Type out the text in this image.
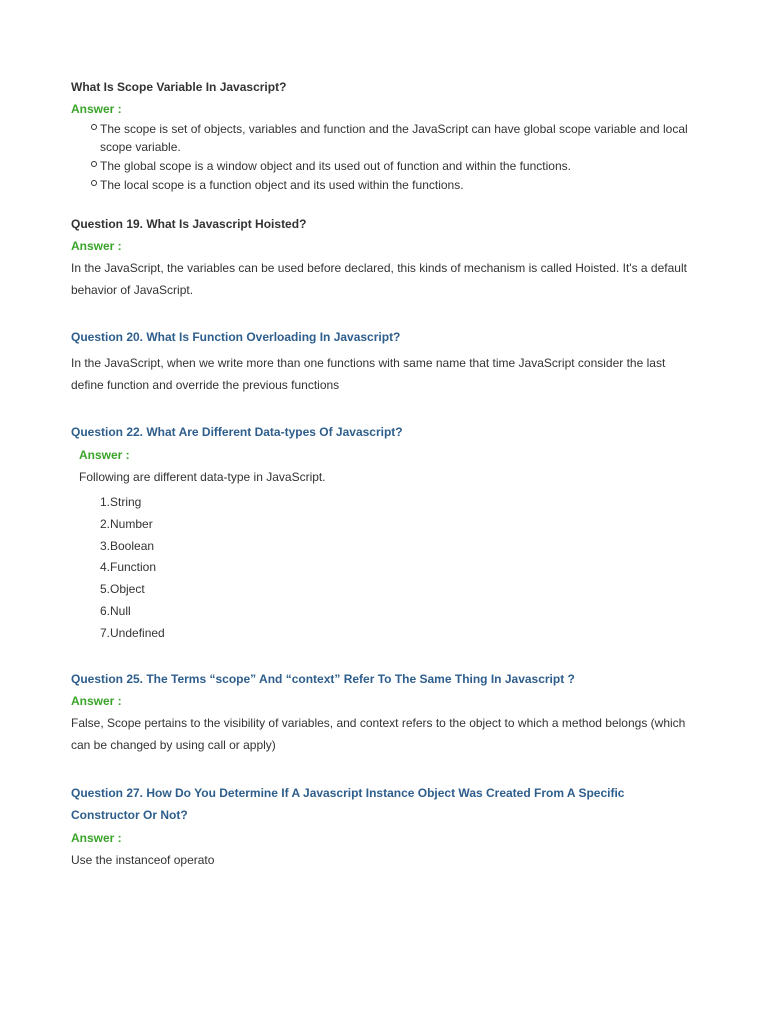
What Is Scope Variable In Javascript?
Answer :
The scope is set of objects, variables and function and the JavaScript can have global scope variable and local scope variable.
The global scope is a window object and its used out of function and within the functions.
The local scope is a function object and its used within the functions.
Question 19. What Is Javascript Hoisted?
Answer :

In the JavaScript, the variables can be used before declared, this kinds of mechanism is called Hoisted. It's a default behavior of JavaScript.

Question 20. What Is Function Overloading In Javascript?

In the JavaScript, when we write more than one functions with same name that time JavaScript consider the last define function and override the previous functions

Question 22. What Are Different Data-types Of Javascript?
Answer :

Following are different data-type in JavaScript.

1.String
2.Number
3.Boolean
4.Function
5.Object
6.Null
7.Undefined
Question 25. The Terms “scope” And “context” Refer To The Same Thing In Javascript ?
Answer :

False, Scope pertains to the visibility of variables, and context refers to the object to which a method belongs (which can be changed by using call or apply)

Question 27. How Do You Determine If A Javascript Instance Object Was Created From A Specific Constructor Or Not?
Answer :

Use the instanceof operato
